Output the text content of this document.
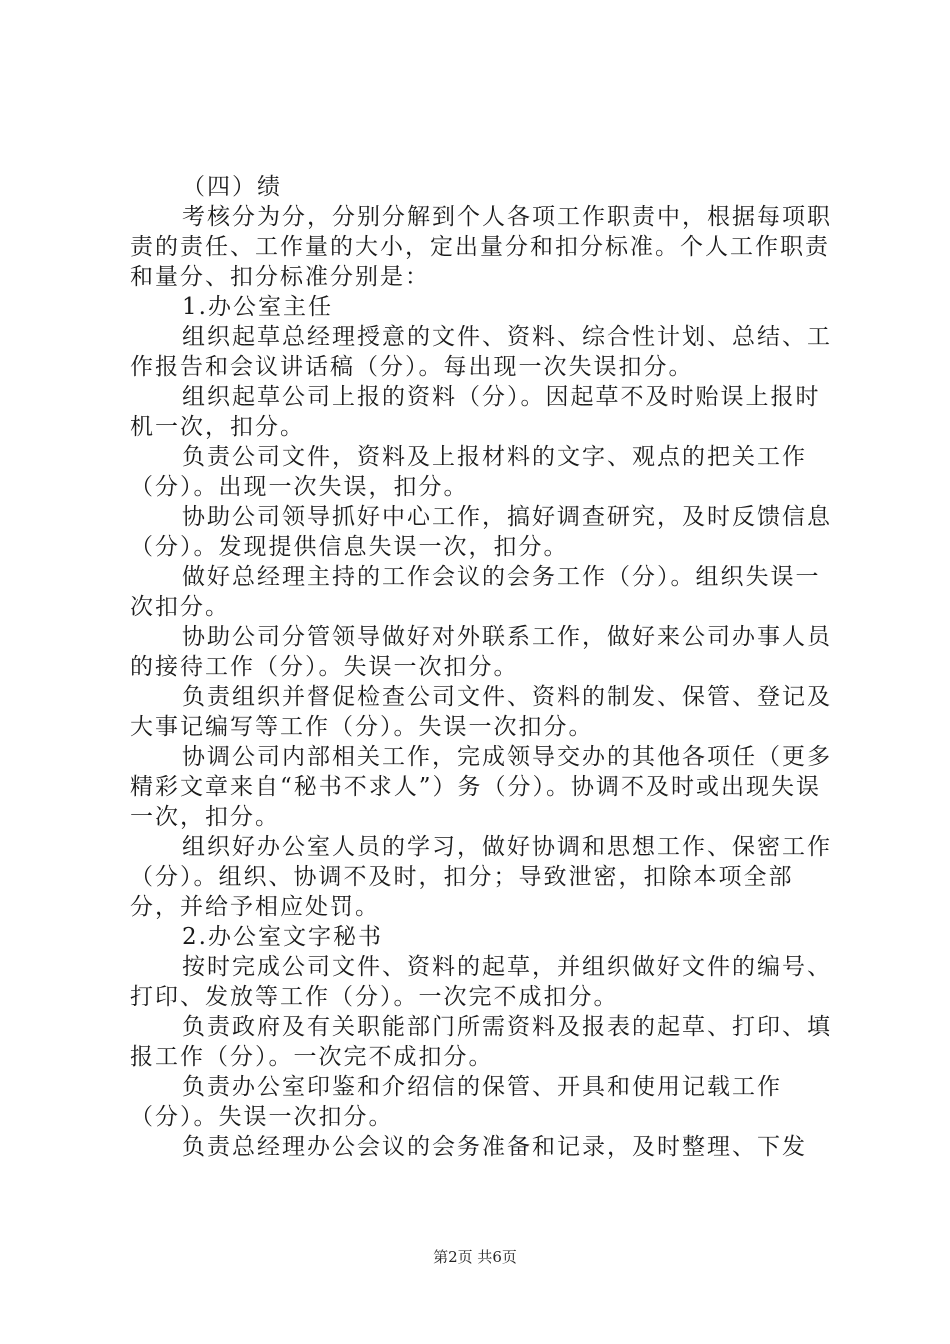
（四）绩

考核分为分，分别分解到个人各项工作职责中，根据每项职责的责任、工作量的大小，定出量分和扣分标准。个人工作职责和量分、扣分标准分别是：

1.办公室主任

组织起草总经理授意的文件、资料、综合性计划、总结、工作报告和会议讲话稿（分）。每出现一次失误扣分。

组织起草公司上报的资料（分）。因起草不及时贻误上报时机一次，扣分。

负责公司文件，资料及上报材料的文字、观点的把关工作（分）。出现一次失误，扣分。

协助公司领导抓好中心工作，搞好调查研究，及时反馈信息（分）。发现提供信息失误一次，扣分。

做好总经理主持的工作会议的会务工作（分）。组织失误一次扣分。

协助公司分管领导做好对外联系工作，做好来公司办事人员的接待工作（分）。失误一次扣分。

负责组织并督促检查公司文件、资料的制发、保管、登记及大事记编写等工作（分）。失误一次扣分。

协调公司内部相关工作，完成领导交办的其他各项任（更多精彩文章来自“秘书不求人”）务（分）。协调不及时或出现失误一次，扣分。

组织好办公室人员的学习，做好协调和思想工作、保密工作（分）。组织、协调不及时，扣分；导致泄密，扣除本项全部分，并给予相应处罚。

2.办公室文字秘书

按时完成公司文件、资料的起草，并组织做好文件的编号、打印、发放等工作（分）。一次完不成扣分。

负责政府及有关职能部门所需资料及报表的起草、打印、填报工作（分）。一次完不成扣分。

负责办公室印鉴和介绍信的保管、开具和使用记载工作（分）。失误一次扣分。

负责总经理办公会议的会务准备和记录，及时整理、下发

第2页 共6页
